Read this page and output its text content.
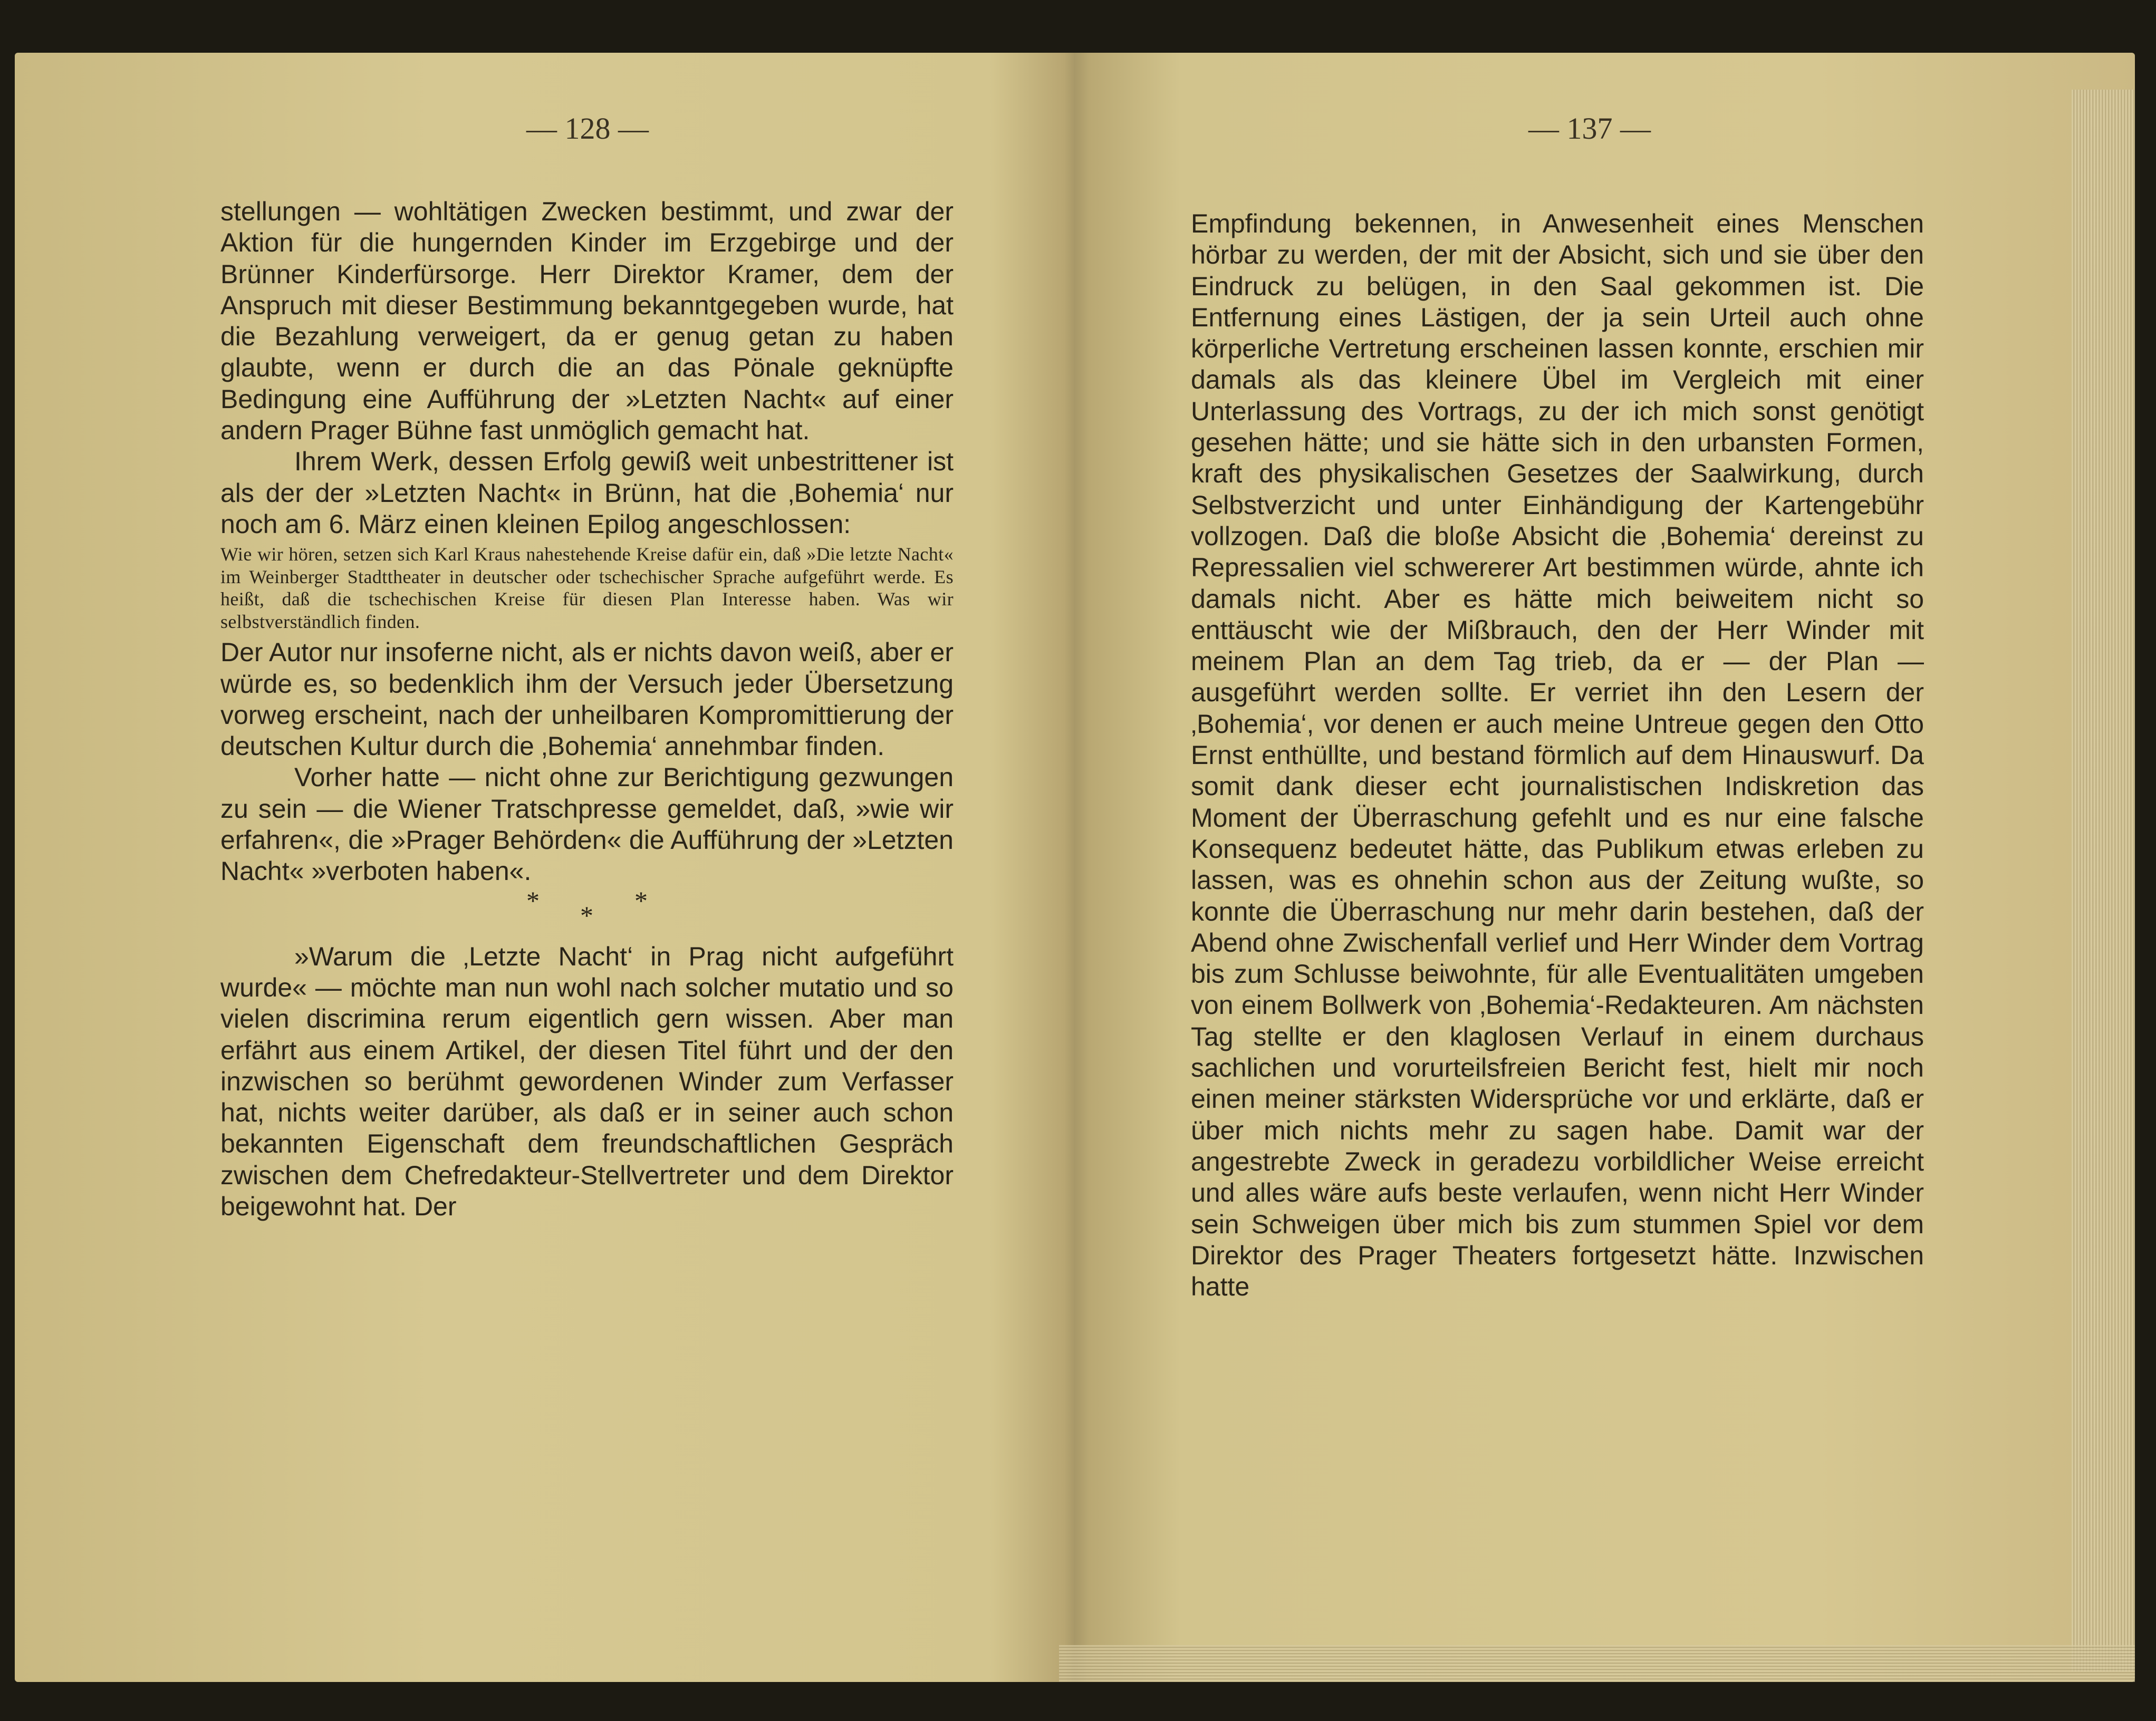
— 128 —

stellungen — wohltätigen Zwecken bestimmt, und zwar der Aktion für die hungernden Kinder im Erzgebirge und der Brünner Kinderfürsorge. Herr Direktor Kramer, dem der Anspruch mit dieser Bestimmung bekanntgegeben wurde, hat die Bezahlung verweigert, da er genug getan zu haben glaubte, wenn er durch die an das Pönale geknüpfte Bedingung eine Aufführung der »Letzten Nacht« auf einer andern Prager Bühne fast unmöglich gemacht hat.

Ihrem Werk, dessen Erfolg gewiß weit unbestrittener ist als der der »Letzten Nacht« in Brünn, hat die ‚Bohemia‘ nur noch am 6. März einen kleinen Epilog angeschlossen:

Wie wir hören, setzen sich Karl Kraus nahestehende Kreise dafür ein, daß »Die letzte Nacht« im Weinberger Stadttheater in deutscher oder tschechischer Sprache aufgeführt werde. Es heißt, daß die tschechischen Kreise für diesen Plan Interesse haben. Was wir selbstverständlich finden.

Der Autor nur insoferne nicht, als er nichts davon weiß, aber er würde es, so bedenklich ihm der Versuch jeder Übersetzung vorweg erscheint, nach der unheilbaren Kompromittierung der deutschen Kultur durch die ‚Bohemia‘ annehmbar finden.

Vorher hatte — nicht ohne zur Berichtigung gezwungen zu sein — die Wiener Tratschpresse gemeldet, daß, »wie wir erfahren«, die »Prager Behörden« die Aufführung der »Letzten Nacht« »verboten haben«.

*	*
*

»Warum die ‚Letzte Nacht‘ in Prag nicht aufgeführt wurde« — möchte man nun wohl nach solcher mutatio und so vielen discrimina rerum eigentlich gern wissen. Aber man erfährt aus einem Artikel, der diesen Titel führt und der den inzwischen so berühmt gewordenen Winder zum Verfasser hat, nichts weiter darüber, als daß er in seiner auch schon bekannten Eigenschaft dem freundschaftlichen Gespräch zwischen dem Chefredakteur-Stellvertreter und dem Direktor beigewohnt hat. Der

— 137 —

Empfindung bekennen, in Anwesenheit eines Menschen hörbar zu werden, der mit der Absicht, sich und sie über den Eindruck zu belügen, in den Saal gekommen ist. Die Entfernung eines Lästigen, der ja sein Urteil auch ohne körperliche Vertretung erscheinen lassen konnte, erschien mir damals als das kleinere Übel im Vergleich mit einer Unterlassung des Vortrags, zu der ich mich sonst genötigt gesehen hätte; und sie hätte sich in den urbansten Formen, kraft des physikalischen Gesetzes der Saalwirkung, durch Selbstverzicht und unter Einhändigung der Kartengebühr vollzogen. Daß die bloße Absicht die ‚Bohemia‘ dereinst zu Repressalien viel schwererer Art bestimmen würde, ahnte ich damals nicht. Aber es hätte mich beiweitem nicht so enttäuscht wie der Mißbrauch, den der Herr Winder mit meinem Plan an dem Tag trieb, da er — der Plan — ausgeführt werden sollte. Er verriet ihn den Lesern der ‚Bohemia‘, vor denen er auch meine Untreue gegen den Otto Ernst enthüllte, und bestand förmlich auf dem Hinauswurf. Da somit dank dieser echt journalistischen Indiskretion das Moment der Überraschung gefehlt und es nur eine falsche Konsequenz bedeutet hätte, das Publikum etwas erleben zu lassen, was es ohnehin schon aus der Zeitung wußte, so konnte die Überraschung nur mehr darin bestehen, daß der Abend ohne Zwischenfall verlief und Herr Winder dem Vortrag bis zum Schlusse beiwohnte, für alle Eventualitäten umgeben von einem Bollwerk von ‚Bohemia‘-Redakteuren. Am nächsten Tag stellte er den klaglosen Verlauf in einem durchaus sachlichen und vorurteilsfreien Bericht fest, hielt mir noch einen meiner stärksten Widersprüche vor und erklärte, daß er über mich nichts mehr zu sagen habe. Damit war der angestrebte Zweck in geradezu vorbildlicher Weise erreicht und alles wäre aufs beste verlaufen, wenn nicht Herr Winder sein Schweigen über mich bis zum stummen Spiel vor dem Direktor des Prager Theaters fortgesetzt hätte. Inzwischen hatte
